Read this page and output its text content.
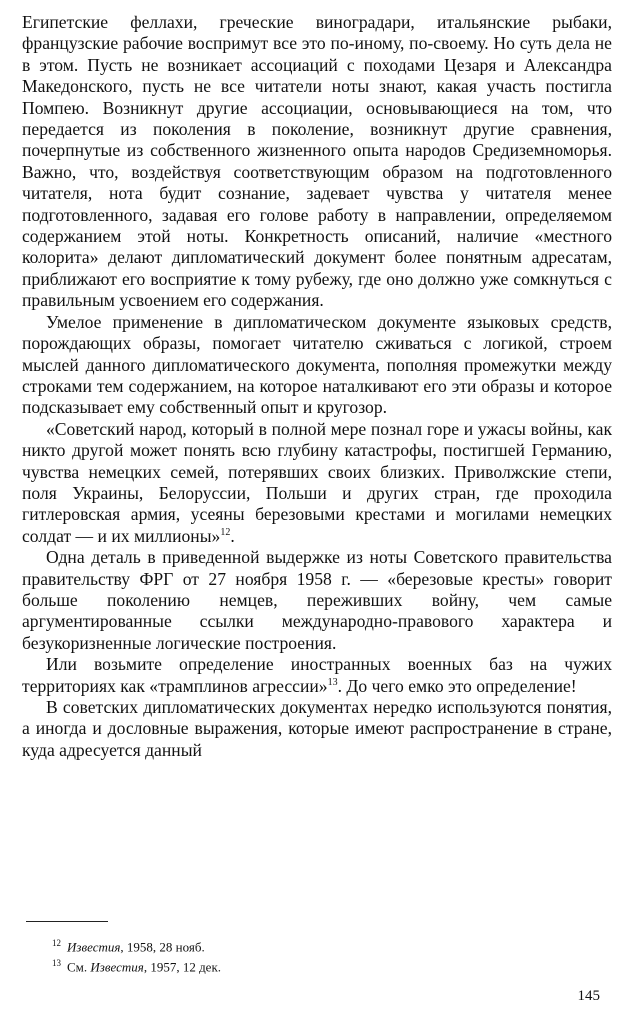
Египетские феллахи, греческие виноградари, итальянские рыбаки, французские рабочие воспримут все это по-иному, по-своему. Но суть дела не в этом. Пусть не возникает ассоциаций с походами Цезаря и Александра Македонского, пусть не все читатели ноты знают, какая участь постигла Помпею. Возникнут другие ассоциации, основывающиеся на том, что передается из поколения в поколение, возникнут другие сравнения, почерпнутые из собственного жизненного опыта народов Средиземноморья. Важно, что, воздействуя соответствующим образом на подготовленного читателя, нота будит сознание, задевает чувства у читателя менее подготовленного, задавая его голове работу в направлении, определяемом содержанием этой ноты. Конкретность описаний, наличие «местного колорита» делают дипломатический документ более понятным адресатам, приближают его восприятие к тому рубежу, где оно должно уже сомкнуться с правильным усвоением его содержания.

Умелое применение в дипломатическом документе языковых средств, порождающих образы, помогает читателю сживаться с логикой, строем мыслей данного дипломатического документа, пополняя промежутки между строками тем содержанием, на которое наталкивают его эти образы и которое подсказывает ему собственный опыт и кругозор.

«Советский народ, который в полной мере познал горе и ужасы войны, как никто другой может понять всю глубину катастрофы, постигшей Германию, чувства немецких семей, потерявших своих близких. Приволжские степи, поля Украины, Белоруссии, Польши и других стран, где проходила гитлеровская армия, усеяны березовыми крестами и могилами немецких солдат — и их миллионы»$^{12}$.

Одна деталь в приведенной выдержке из ноты Советского правительства правительству ФРГ от 27 ноября 1958 г. — «березовые кресты» говорит больше поколению немцев, переживших войну, чем самые аргументированные ссылки международно-правового характера и безукоризненные логические построения.

Или возьмите определение иностранных военных баз на чужих территориях как «трамплинов агрессии»$^{13}$. До чего емко это определение!

В советских дипломатических документах нередко используются понятия, а иногда и дословные выражения, которые имеют распространение в стране, куда адресуется данный

$^{12}$ Известия, 1958, 28 нояб.

$^{13}$ См. Известия, 1957, 12 дек.

145
